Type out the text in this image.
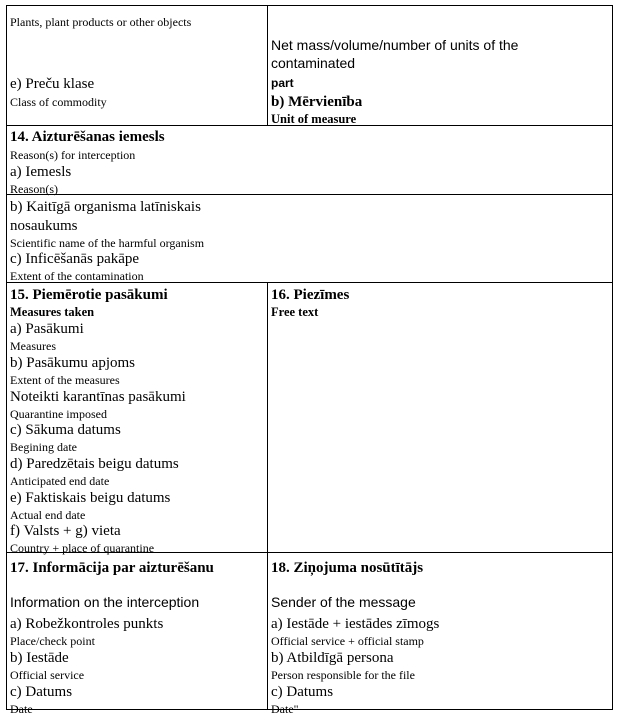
Plants, plant products or other objects
e) Preču klase
Class of commodity
Net mass/volume/number of units of the
contaminated
part
b) Mērvienība
Unit of measure
14. Aizturēšanas iemesls
Reason(s) for interception
a) Iemesls
Reason(s)
b) Kaitīgā organisma latīniskais
nosaukums
Scientific name of the harmful organism
c) Inficēšanās pakāpe
Extent of the contamination
15. Piemērotie pasākumi
Measures taken
a) Pasākumi
Measures
b) Pasākumu apjoms
Extent of the measures
Noteikti karantīnas pasākumi
Quarantine imposed
c) Sākuma datums
Begining date
d) Paredzētais beigu datums
Anticipated end date
e) Faktiskais beigu datums
Actual end date
f) Valsts + g) vieta
Country + place of quarantine
16. Piezīmes
Free text
17. Informācija par aizturēšanu
Information on the interception
a) Robežkontroles punkts
Place/check point
b) Iestāde
Official service
c) Datums
Date
18. Ziņojuma nosūtītājs
Sender of the message
a) Iestāde + iestādes zīmogs
Official service + official stamp
b) Atbildīgā persona
Person responsible for the file
c) Datums
Date"
